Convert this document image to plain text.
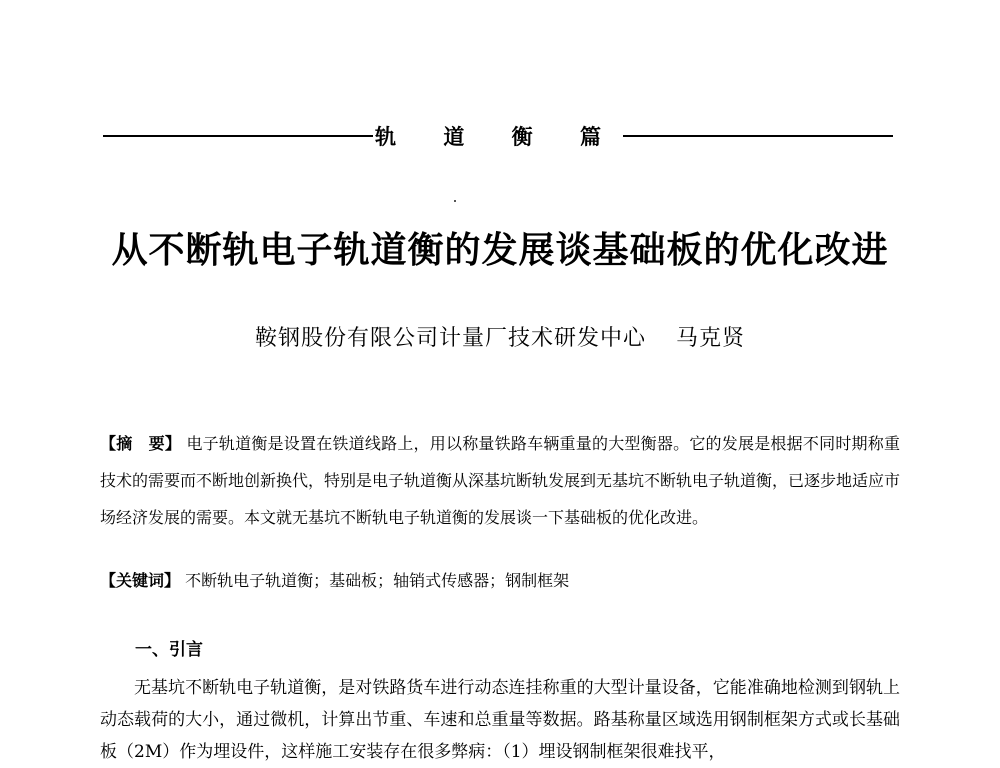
轨 道 衡 篇
从不断轨电子轨道衡的发展谈基础板的优化改进
鞍钢股份有限公司计量厂技术研发中心 马克贤
【摘　要】 电子轨道衡是设置在铁道线路上，用以称量铁路车辆重量的大型衡器。它的发展是根据不同时期称重技术的需要而不断地创新换代，特别是电子轨道衡从深基坑断轨发展到无基坑不断轨电子轨道衡，已逐步地适应市场经济发展的需要。本文就无基坑不断轨电子轨道衡的发展谈一下基础板的优化改进。
【关键词】 不断轨电子轨道衡；基础板；轴销式传感器；钢制框架
一、引言
无基坑不断轨电子轨道衡，是对铁路货车进行动态连挂称重的大型计量设备，它能准确地检测到钢轨上动态载荷的大小，通过微机，计算出节重、车速和总重量等数据。路基称量区域选用钢制框架方式或长基础板（2M）作为埋设件，这样施工安装存在很多弊病：（1）埋设钢制框架很难找平，
